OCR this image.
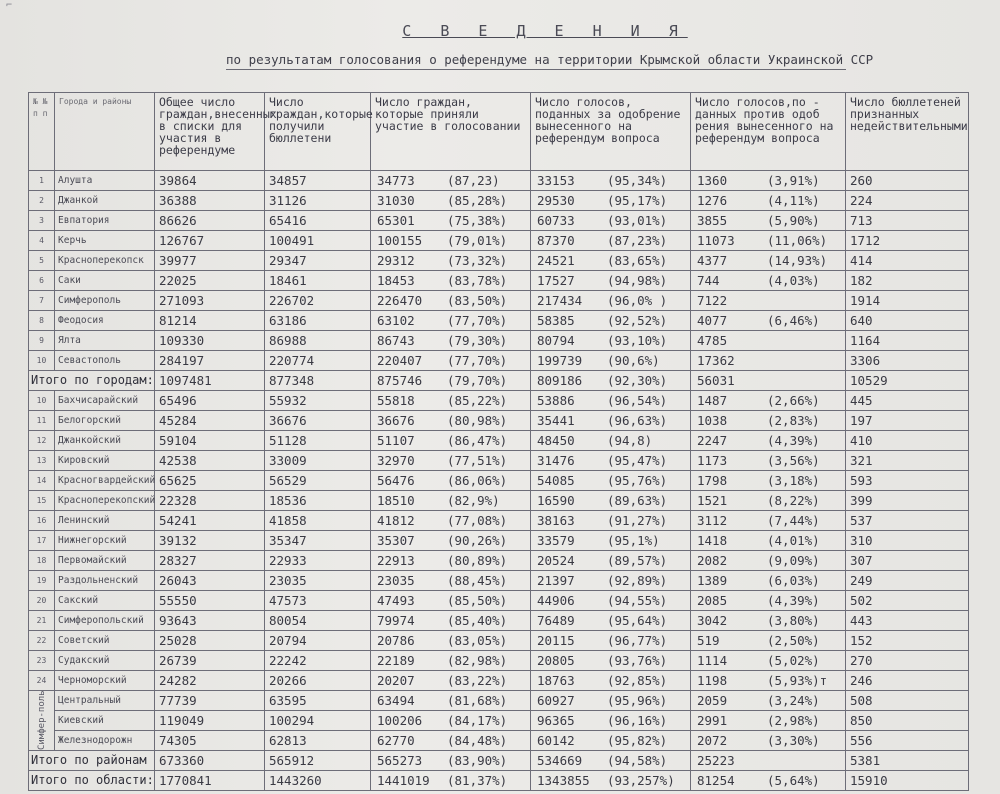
⌐
С В Е Д Е Н И Я
по результатам голосования о референдуме на территории Крымской области Украинской ССР
№ №
п п	Города и районы	Общее число граждан,внесенных в списки для участия в референдуме	Число граждан,которые получили бюллетени	Число граждан, которые приняли участие в голосовании	Число голосов, поданных за одобрение вынесенного на референдум вопроса	Число голосов,по - данных против одоб рения вынесенного на референдум вопроса	Число бюллетеней признанных недействительными
1	Алушта	39864	34857	34773 (87,23)	33153 (95,34%)	1360 (3,91%)	260
2	Джанкой	36388	31126	31030 (85,28%)	29530 (95,17%)	1276 (4,11%)	224
3	Евпатория	86626	65416	65301 (75,38%)	60733 (93,01%)	3855 (5,90%)	713
4	Керчь	126767	100491	100155 (79,01%)	87370 (87,23%)	11073 (11,06%)	1712
5	Красноперекопск	39977	29347	29312 (73,32%)	24521 (83,65%)	4377 (14,93%)	414
6	Саки	22025	18461	18453 (83,78%)	17527 (94,98%)	744 (4,03%)	182
7	Симферополь	271093	226702	226470 (83,50%)	217434 (96,0% )	7122	1914
8	Феодосия	81214	63186	63102 (77,70%)	58385 (92,52%)	4077 (6,46%)	640
9	Ялта	109330	86988	86743 (79,30%)	80794 (93,10%)	4785	1164
10	Севастополь	284197	220774	220407 (77,70%)	199739 (90,6%)	17362	3306
Итого по городам:		1097481	877348	875746 (79,70%)	809186 (92,30%)	56031	10529
10	Бахчисарайский	65496	55932	55818 (85,22%)	53886 (96,54%)	1487 (2,66%)	445
11	Белогорский	45284	36676	36676 (80,98%)	35441 (96,63%)	1038 (2,83%)	197
12	Джанкойский	59104	51128	51107 (86,47%)	48450 (94,8)	2247 (4,39%)	410
13	Кировский	42538	33009	32970 (77,51%)	31476 (95,47%)	1173 (3,56%)	321
14	Красногвардейский	65625	56529	56476 (86,06%)	54085 (95,76%)	1798 (3,18%)	593
15	Красноперекопский	22328	18536	18510 (82,9%)	16590 (89,63%)	1521 (8,22%)	399
16	Ленинский	54241	41858	41812 (77,08%)	38163 (91,27%)	3112 (7,44%)	537
17	Нижнегорский	39132	35347	35307 (90,26%)	33579 (95,1%)	1418 (4,01%)	310
18	Первомайский	28327	22933	22913 (80,89%)	20524 (89,57%)	2082 (9,09%)	307
19	Раздольненский	26043	23035	23035 (88,45%)	21397 (92,89%)	1389 (6,03%)	249
20	Сакский	55550	47573	47493 (85,50%)	44906 (94,55%)	2085 (4,39%)	502
21	Симферопольский	93643	80054	79974 (85,40%)	76489 (95,64%)	3042 (3,80%)	443
22	Советский	25028	20794	20786 (83,05%)	20115 (96,77%)	519 (2,50%)	152
23	Судакский	26739	22242	22189 (82,98%)	20805 (93,76%)	1114 (5,02%)	270
24	Черноморский	24282	20266	20207 (83,22%)	18763 (92,85%)	1198 (5,93%)т	246
Симфер-поль	Центральный	77739	63595	63494 (81,68%)	60927 (95,96%)	2059 (3,24%)	508
	Киевский	119049	100294	100206 (84,17%)	96365 (96,16%)	2991 (2,98%)	850
	Железнодорожн	74305	62813	62770 (84,48%)	60142 (95,82%)	2072 (3,30%)	556
Итого по районам		673360	565912	565273 (83,90%)	534669 (94,58%)	25223	5381
Итого по области:		1770841	1443260	1441019 (81,37%)	1343855 (93,257%)	81254 (5,64%)	15910
